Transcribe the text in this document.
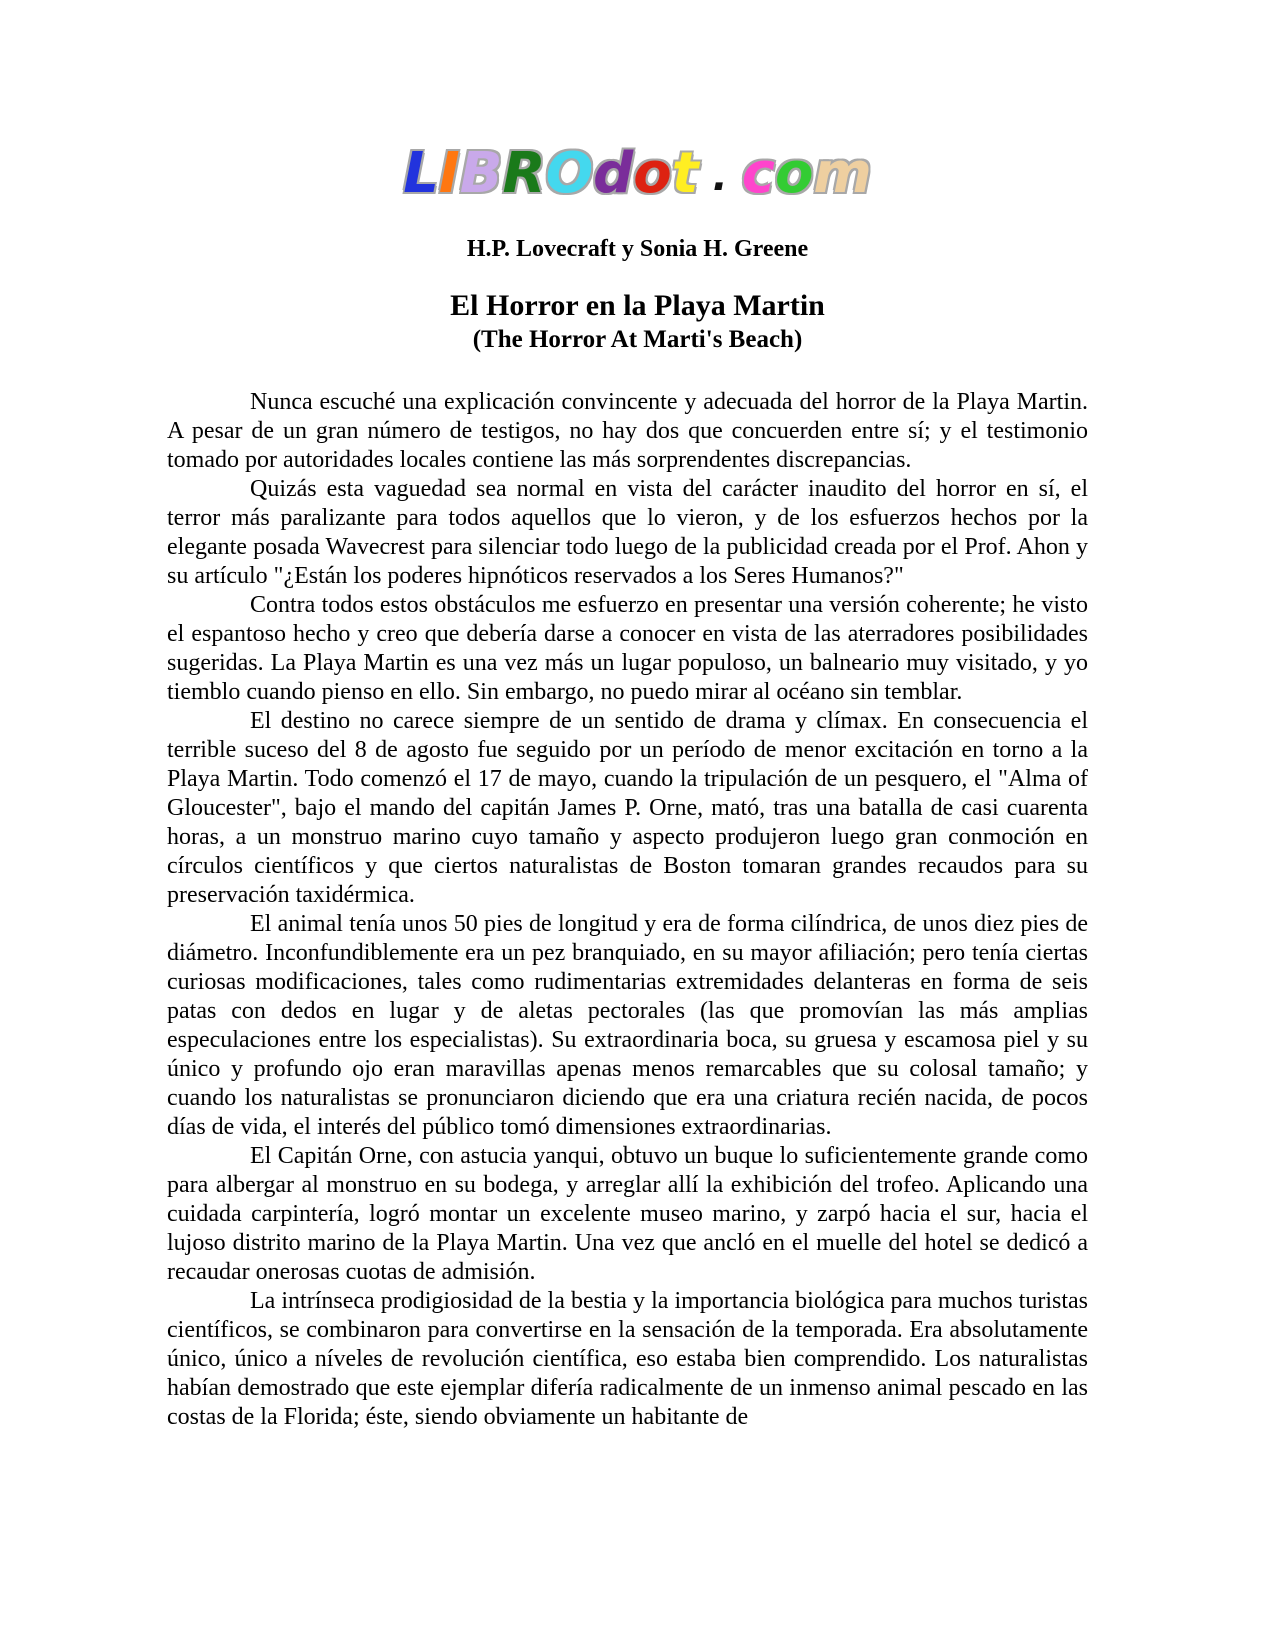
LIBROdot . com
H.P. Lovecraft y Sonia H. Greene
El Horror en la Playa Martin
(The Horror At Marti's Beach)

Nunca escuché una explicación convincente y adecuada del horror de la Playa Martin. A pesar de un gran número de testigos, no hay dos que concuerden entre sí; y el testimonio tomado por autoridades locales contiene las más sorprendentes discrepancias.

Quizás esta vaguedad sea normal en vista del carácter inaudito del horror en sí, el terror más paralizante para todos aquellos que lo vieron, y de los esfuerzos hechos por la elegante posada Wavecrest para silenciar todo luego de la publicidad creada por el Prof. Ahon y su artículo "¿Están los poderes hipnóticos reservados a los Seres Humanos?"

Contra todos estos obstáculos me esfuerzo en presentar una versión coherente; he visto el espantoso hecho y creo que debería darse a conocer en vista de las aterradores posibilidades sugeridas. La Playa Martin es una vez más un lugar populoso, un balneario muy visitado, y yo tiemblo cuando pienso en ello. Sin embargo, no puedo mirar al océano sin temblar.

El destino no carece siempre de un sentido de drama y clímax. En consecuencia el terrible suceso del 8 de agosto fue seguido por un período de menor excitación en torno a la Playa Martin. Todo comenzó el 17 de mayo, cuando la tripulación de un pesquero, el "Alma of Gloucester", bajo el mando del capitán James P. Orne, mató, tras una batalla de casi cuarenta horas, a un monstruo marino cuyo tamaño y aspecto produjeron luego gran conmoción en círculos científicos y que ciertos naturalistas de Boston tomaran grandes recaudos para su preservación taxidérmica.

El animal tenía unos 50 pies de longitud y era de forma cilíndrica, de unos diez pies de diámetro. Inconfundiblemente era un pez branquiado, en su mayor afiliación; pero tenía ciertas curiosas modificaciones, tales como rudimentarias extremidades delanteras en forma de seis patas con dedos en lugar y de aletas pectorales (las que promovían las más amplias especulaciones entre los especialistas). Su extraordinaria boca, su gruesa y escamosa piel y su único y profundo ojo eran maravillas apenas menos remarcables que su colosal tamaño; y cuando los naturalistas se pronunciaron diciendo que era una criatura recién nacida, de pocos días de vida, el interés del público tomó dimensiones extraordinarias.

El Capitán Orne, con astucia yanqui, obtuvo un buque lo suficientemente grande como para albergar al monstruo en su bodega, y arreglar allí la exhibición del trofeo. Aplicando una cuidada carpintería, logró montar un excelente museo marino, y zarpó hacia el sur, hacia el lujoso distrito marino de la Playa Martin. Una vez que ancló en el muelle del hotel se dedicó a recaudar onerosas cuotas de admisión.

La intrínseca prodigiosidad de la bestia y la importancia biológica para muchos turistas científicos, se combinaron para convertirse en la sensación de la temporada. Era absolutamente único, único a níveles de revolución científica, eso estaba bien comprendido. Los naturalistas habían demostrado que este ejemplar difería radicalmente de un inmenso animal pescado en las costas de la Florida; éste, siendo obviamente un habitante de
